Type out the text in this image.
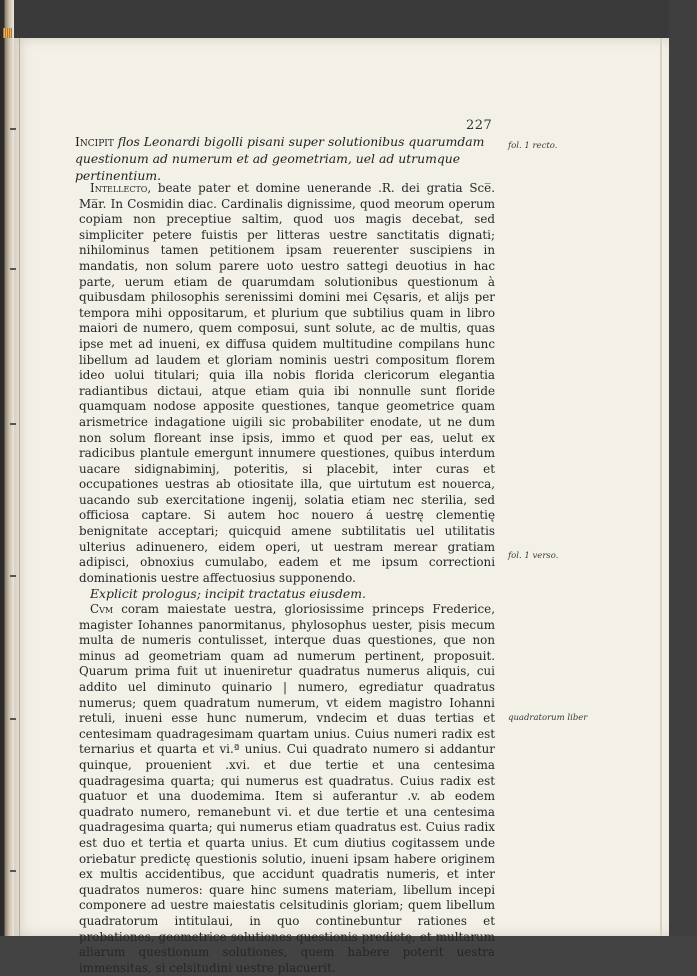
227
Incipit flos Leonardi bigolli pisani super solutionibus quarumdam questionum ad numerum et ad geometriam, uel ad utrumque pertinentium.
fol. 1 recto.
fol. 1 verso.
quadratorum liber

Intellecto, beate pater et domine uenerande .R. dei gratia Sce̅. Ma̅r. In Cosmidin diac. Cardinalis dignissime, quod meorum operum copiam non preceptiue saltim, quod uos magis decebat, sed simpliciter petere fuistis per litteras uestre sanctitatis dignati; nihilominus tamen petitionem ipsam reuerenter suscipiens in mandatis, non solum parere uoto uestro sattegi deuotius in hac parte, uerum etiam de quarumdam solutionibus questionum à quibusdam philosophis serenissimi domini mei Cęsaris, et alijs per tempora mihi oppositarum, et plurium que subtilius quam in libro maiori de numero, quem composui, sunt solute, ac de multis, quas ipse met ad inueni, ex diffusa quidem multitudine compilans hunc libellum ad laudem et gloriam nominis uestri compositum florem ideo uolui titulari; quia illa nobis florida clericorum elegantia radiantibus dictaui, atque etiam quia ibi nonnulle sunt floride quamquam nodose apposite questiones, tanque geometrice quam arismetrice indagatione uigili sic probabiliter enodate, ut ne dum non solum floreant inse ipsis, immo et quod per eas, uelut ex radicibus plantule emergunt innumere questiones, quibus interdum uacare sidignabiminj, poteritis, si placebit, inter curas et occupationes uestras ab otiositate illa, que uirtutum est nouerca, uacando sub exercitatione ingenij, solatia etiam nec sterilia, sed officiosa captare. Si autem hoc nouero á uestrę clementię benignitate acceptari; quicquid amene subtilitatis uel utilitatis ulterius adinuenero, eidem operi, ut uestram merear gratiam adipisci, obnoxius cumulabo, eadem et me ipsum correctioni dominationis uestre affectuosius supponendo.

Explicit prologus; incipit tractatus eiusdem.

Cvm coram maiestate uestra, gloriosissime princeps Frederice, magister Iohannes panormitanus, phylosophus uester, pisis mecum multa de numeris contulisset, interque duas questiones, que non minus ad geometriam quam ad numerum pertinent, proposuit. Quarum prima fuit ut inueniretur quadratus numerus aliquis, cui addito uel diminuto quinario | numero, egrediatur quadratus numerus; quem quadratum numerum, vt eidem magistro Iohanni retuli, inueni esse hunc numerum, vndecim et duas tertias et centesimam quadragesimam quartam unius. Cuius numeri radix est ternarius et quarta et vi.ª unius. Cui quadrato numero si addantur quinque, prouenient .xvi. et due tertie et una centesima quadragesima quarta; qui numerus est quadratus. Cuius radix est quatuor et una duodemima. Item si auferantur .v. ab eodem quadrato numero, remanebunt vi. et due tertie et una centesima quadragesima quarta; qui numerus etiam quadratus est. Cuius radix est duo et tertia et quarta unius. Et cum diutius cogitassem unde oriebatur predictę questionis solutio, inueni ipsam habere originem ex multis accidentibus, que accidunt quadratis numeris, et inter quadratos numeros: quare hinc sumens materiam, libellum incepi componere ad uestre maiestatis celsitudinis gloriam; quem libellum quadratorum intitulaui, in quo continebuntur rationes et probationes, geometrice solutiones questionis predictę, et multarum aliarum questionum solutiones, quem habere poterit uestra immensitas, si celsitudini uestre placuerit.
